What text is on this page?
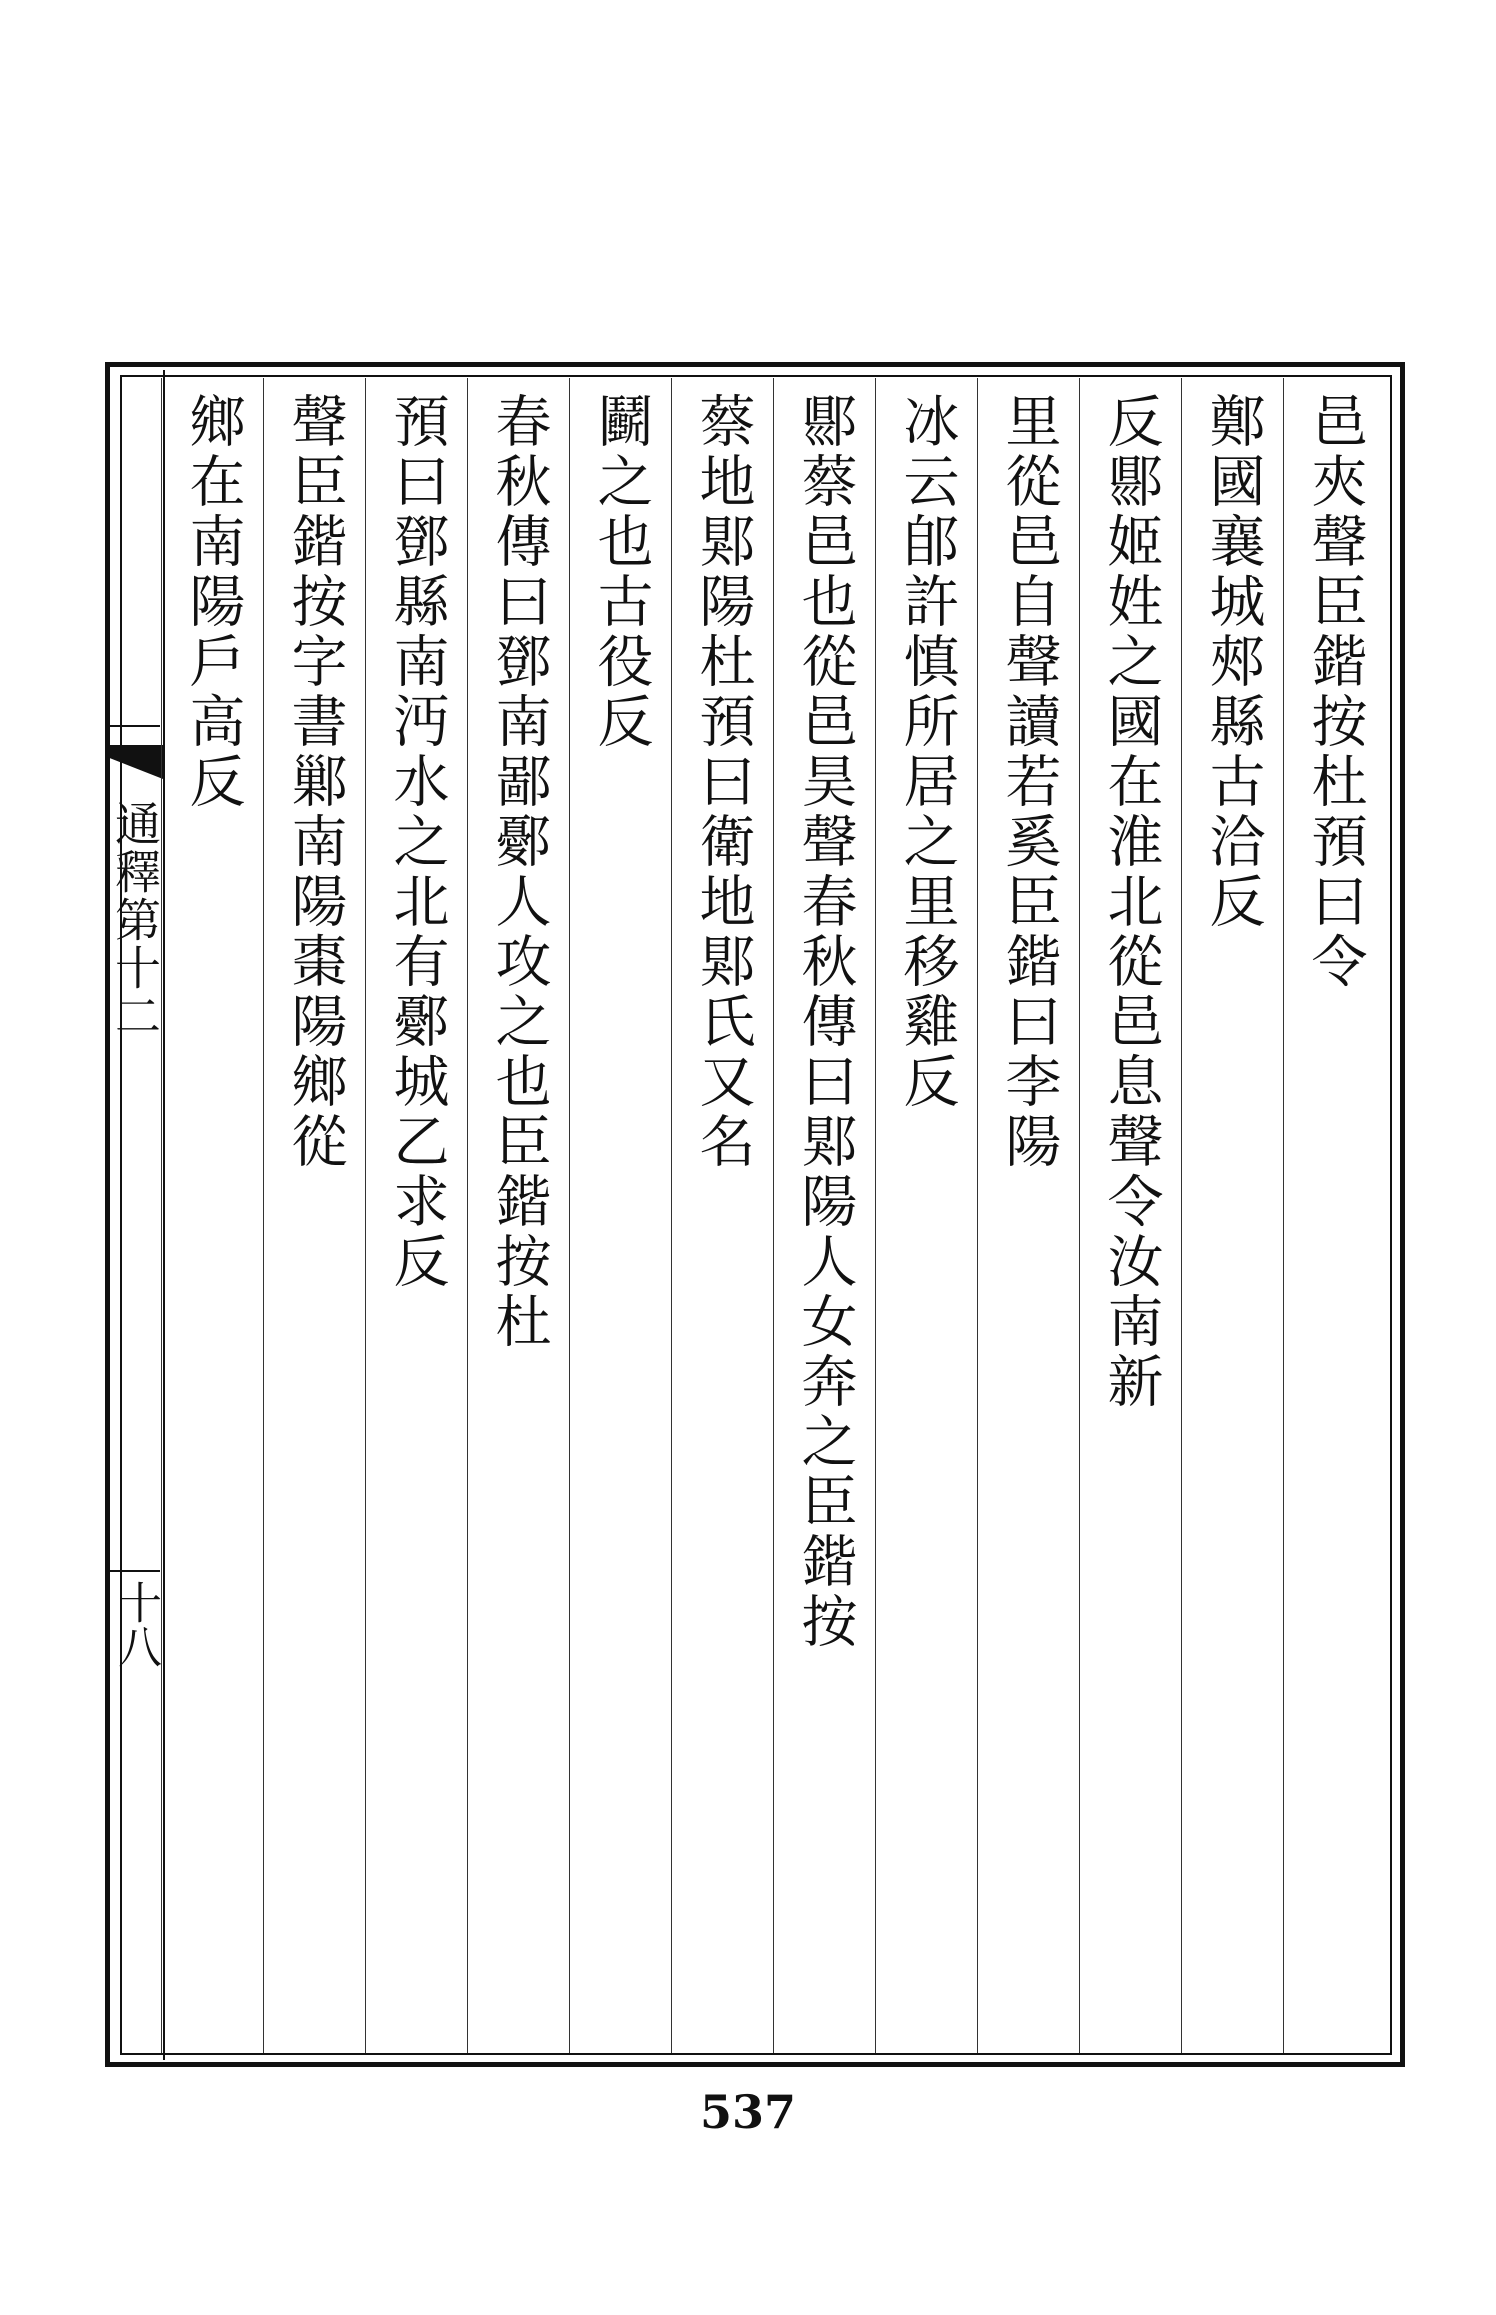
通釋第十二
十八
邑夾聲臣鍇按杜預曰令
鄭國襄城郟縣古洽反
反郻姬姓之國在淮北從邑息聲令汝南新
里從邑自聲讀若奚臣鍇曰李陽
冰云郋許慎所居之里移雞反
郻蔡邑也從邑昊聲春秋傳曰郹陽人女奔之臣鍇按
蔡地郹陽杜預曰衛地郹氏又名
鬬之也古役反
春秋傳曰鄧南鄙鄾人攻之也臣鍇按杜
預曰鄧縣南沔水之北有鄾城乙求反
聲臣鍇按字書鄛南陽棗陽鄉從
鄉在南陽戶高反
537
